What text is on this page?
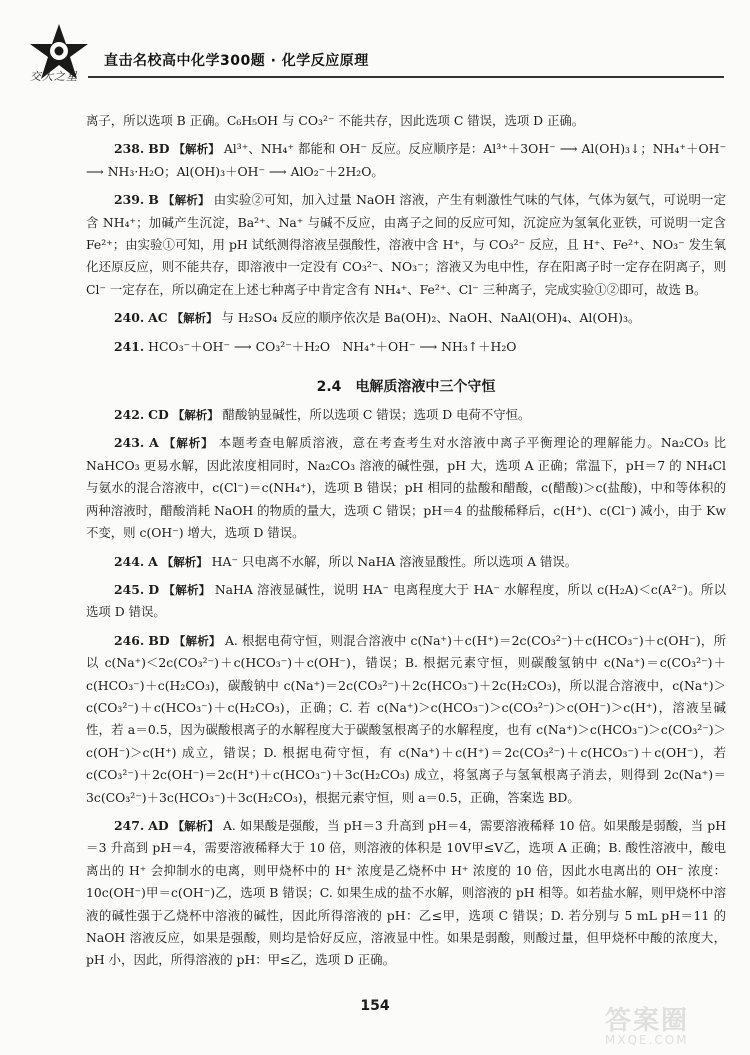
交大之星
直击名校高中化学300题 · 化学反应原理

离子，所以选项 B 正确。C₆H₅OH 与 CO₃²⁻ 不能共存，因此选项 C 错误，选项 D 正确。

238. BD 【解析】 Al³⁺、NH₄⁺ 都能和 OH⁻ 反应。反应顺序是：Al³⁺＋3OH⁻ ⟶ Al(OH)₃↓；NH₄⁺＋OH⁻ ⟶ NH₃·H₂O；Al(OH)₃＋OH⁻ ⟶ AlO₂⁻＋2H₂O。

239. B 【解析】 由实验②可知，加入过量 NaOH 溶液，产生有刺激性气味的气体，气体为氨气，可说明一定含 NH₄⁺；加碱产生沉淀，Ba²⁺、Na⁺ 与碱不反应，由离子之间的反应可知，沉淀应为氢氧化亚铁，可说明一定含 Fe²⁺；由实验①可知，用 pH 试纸测得溶液呈强酸性，溶液中含 H⁺，与 CO₃²⁻ 反应，且 H⁺、Fe²⁺、NO₃⁻ 发生氧化还原反应，则不能共存，即溶液中一定没有 CO₃²⁻、NO₃⁻；溶液又为电中性，存在阳离子时一定存在阴离子，则 Cl⁻ 一定存在，所以确定在上述七种离子中肯定含有 NH₄⁺、Fe²⁺、Cl⁻ 三种离子，完成实验①②即可，故选 B。

240. AC 【解析】 与 H₂SO₄ 反应的顺序依次是 Ba(OH)₂、NaOH、NaAl(OH)₄、Al(OH)₃。

241. HCO₃⁻＋OH⁻ ⟶ CO₃²⁻＋H₂O　NH₄⁺＋OH⁻ ⟶ NH₃↑＋H₂O

2.4　电解质溶液中三个守恒

242. CD 【解析】 醋酸钠显碱性，所以选项 C 错误；选项 D 电荷不守恒。

243. A 【解析】 本题考查电解质溶液，意在考查考生对水溶液中离子平衡理论的理解能力。Na₂CO₃ 比 NaHCO₃ 更易水解，因此浓度相同时，Na₂CO₃ 溶液的碱性强，pH 大，选项 A 正确；常温下，pH＝7 的 NH₄Cl 与氨水的混合溶液中，c(Cl⁻)＝c(NH₄⁺)，选项 B 错误；pH 相同的盐酸和醋酸，c(醋酸)＞c(盐酸)，中和等体积的两种溶液时，醋酸消耗 NaOH 的物质的量大，选项 C 错误；pH＝4 的盐酸稀释后，c(H⁺)、c(Cl⁻) 减小，由于 Kw 不变，则 c(OH⁻) 增大，选项 D 错误。

244. A 【解析】 HA⁻ 只电离不水解，所以 NaHA 溶液显酸性。所以选项 A 错误。

245. D 【解析】 NaHA 溶液显碱性，说明 HA⁻ 电离程度大于 HA⁻ 水解程度，所以 c(H₂A)＜c(A²⁻)。所以选项 D 错误。

246. BD 【解析】 A. 根据电荷守恒，则混合溶液中 c(Na⁺)＋c(H⁺)＝2c(CO₃²⁻)＋c(HCO₃⁻)＋c(OH⁻)，所以 c(Na⁺)＜2c(CO₃²⁻)＋c(HCO₃⁻)＋c(OH⁻)，错误；B. 根据元素守恒，则碳酸氢钠中 c(Na⁺)＝c(CO₃²⁻)＋c(HCO₃⁻)＋c(H₂CO₃)，碳酸钠中 c(Na⁺)＝2c(CO₃²⁻)＋2c(HCO₃⁻)＋2c(H₂CO₃)，所以混合溶液中，c(Na⁺)＞c(CO₃²⁻)＋c(HCO₃⁻)＋c(H₂CO₃)，正确；C. 若 c(Na⁺)＞c(HCO₃⁻)＞c(CO₃²⁻)＞c(OH⁻)＞c(H⁺)，溶液呈碱性，若 a＝0.5，因为碳酸根离子的水解程度大于碳酸氢根离子的水解程度，也有 c(Na⁺)＞c(HCO₃⁻)＞c(CO₃²⁻)＞c(OH⁻)＞c(H⁺) 成立，错误；D. 根据电荷守恒，有 c(Na⁺)＋c(H⁺)＝2c(CO₃²⁻)＋c(HCO₃⁻)＋c(OH⁻)，若 c(CO₃²⁻)＋2c(OH⁻)＝2c(H⁺)＋c(HCO₃⁻)＋3c(H₂CO₃) 成立，将氢离子与氢氧根离子消去，则得到 2c(Na⁺)＝3c(CO₃²⁻)＋3c(HCO₃⁻)＋3c(H₂CO₃)，根据元素守恒，则 a＝0.5，正确，答案选 BD。

247. AD 【解析】 A. 如果酸是强酸，当 pH＝3 升高到 pH＝4，需要溶液稀释 10 倍。如果酸是弱酸，当 pH＝3 升高到 pH＝4，需要溶液稀释大于 10 倍，则溶液的体积是 10V甲≤V乙，选项 A 正确；B. 酸性溶液中，酸电离出的 H⁺ 会抑制水的电离，则甲烧杯中的 H⁺ 浓度是乙烧杯中 H⁺ 浓度的 10 倍，因此水电离出的 OH⁻ 浓度：10c(OH⁻)甲＝c(OH⁻)乙，选项 B 错误；C. 如果生成的盐不水解，则溶液的 pH 相等。如若盐水解，则甲烧杯中溶液的碱性强于乙烧杯中溶液的碱性，因此所得溶液的 pH：乙≤甲，选项 C 错误；D. 若分别与 5 mL pH＝11 的 NaOH 溶液反应，如果是强酸，则均是恰好反应，溶液显中性。如果是弱酸，则酸过量，但甲烧杯中酸的浓度大，pH 小，因此，所得溶液的 pH：甲≤乙，选项 D 正确。

154	答案圈
MXQE.COM
